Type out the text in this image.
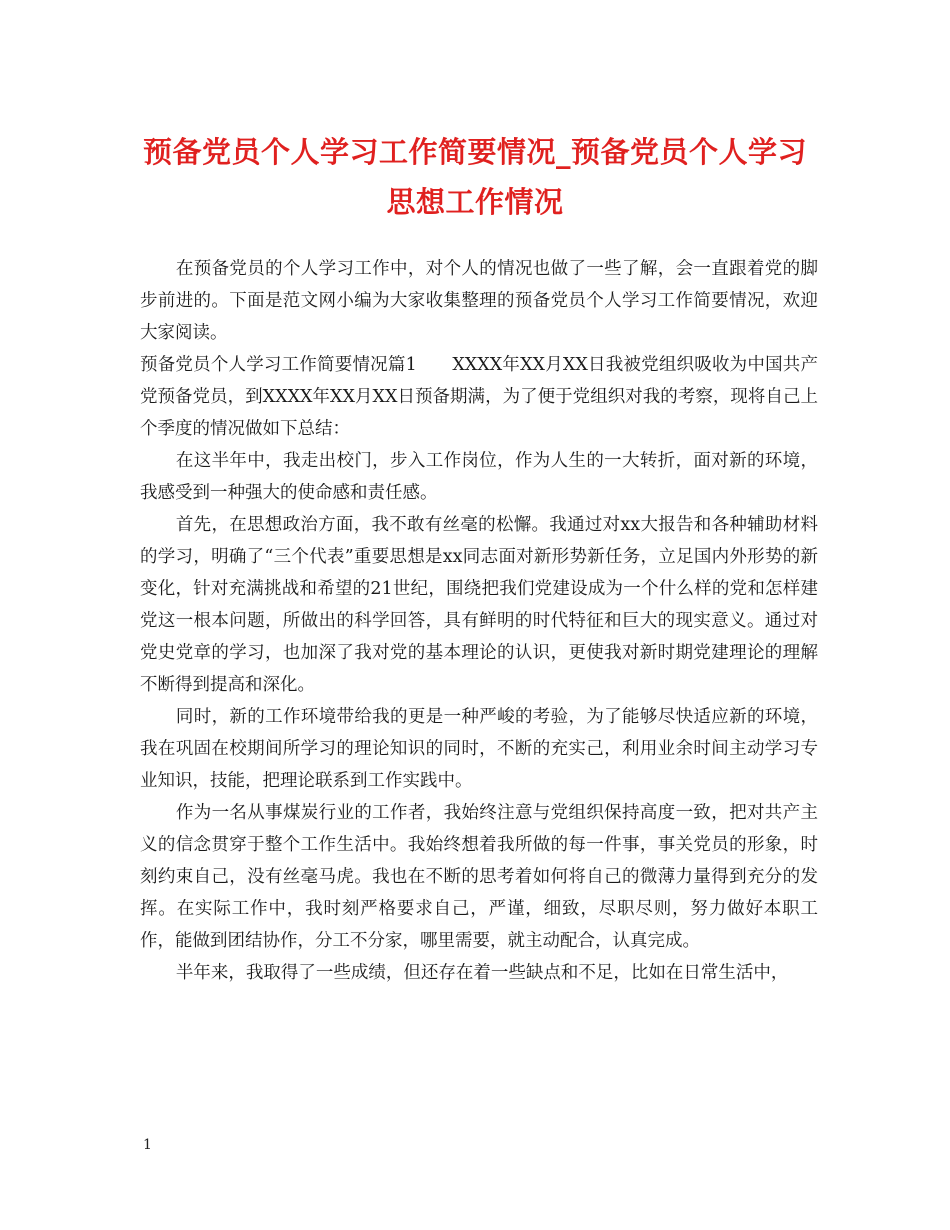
预备党员个人学习工作简要情况_预备党员个人学习思想工作情况

在预备党员的个人学习工作中，对个人的情况也做了一些了解，会一直跟着党的脚步前进的。下面是范文网小编为大家收集整理的预备党员个人学习工作简要情况，欢迎大家阅读。

预备党员个人学习工作简要情况篇1　　XXXX年XX月XX日我被党组织吸收为中国共产党预备党员，到XXXX年XX月XX日预备期满，为了便于党组织对我的考察，现将自己上个季度的情况做如下总结：

在这半年中，我走出校门，步入工作岗位，作为人生的一大转折，面对新的环境，我感受到一种强大的使命感和责任感。

首先，在思想政治方面，我不敢有丝毫的松懈。我通过对xx大报告和各种辅助材料的学习，明确了“三个代表”重要思想是xx同志面对新形势新任务，立足国内外形势的新变化，针对充满挑战和希望的21世纪，围绕把我们党建设成为一个什么样的党和怎样建党这一根本问题，所做出的科学回答，具有鲜明的时代特征和巨大的现实意义。通过对党史党章的学习，也加深了我对党的基本理论的认识，更使我对新时期党建理论的理解不断得到提高和深化。

同时，新的工作环境带给我的更是一种严峻的考验，为了能够尽快适应新的环境，我在巩固在校期间所学习的理论知识的同时，不断的充实己，利用业余时间主动学习专业知识，技能，把理论联系到工作实践中。

作为一名从事煤炭行业的工作者，我始终注意与党组织保持高度一致，把对共产主义的信念贯穿于整个工作生活中。我始终想着我所做的每一件事，事关党员的形象，时刻约束自己，没有丝毫马虎。我也在不断的思考着如何将自己的微薄力量得到充分的发挥。在实际工作中，我时刻严格要求自己，严谨，细致，尽职尽则，努力做好本职工作，能做到团结协作，分工不分家，哪里需要，就主动配合，认真完成。

半年来，我取得了一些成绩，但还存在着一些缺点和不足，比如在日常生活中，

1
